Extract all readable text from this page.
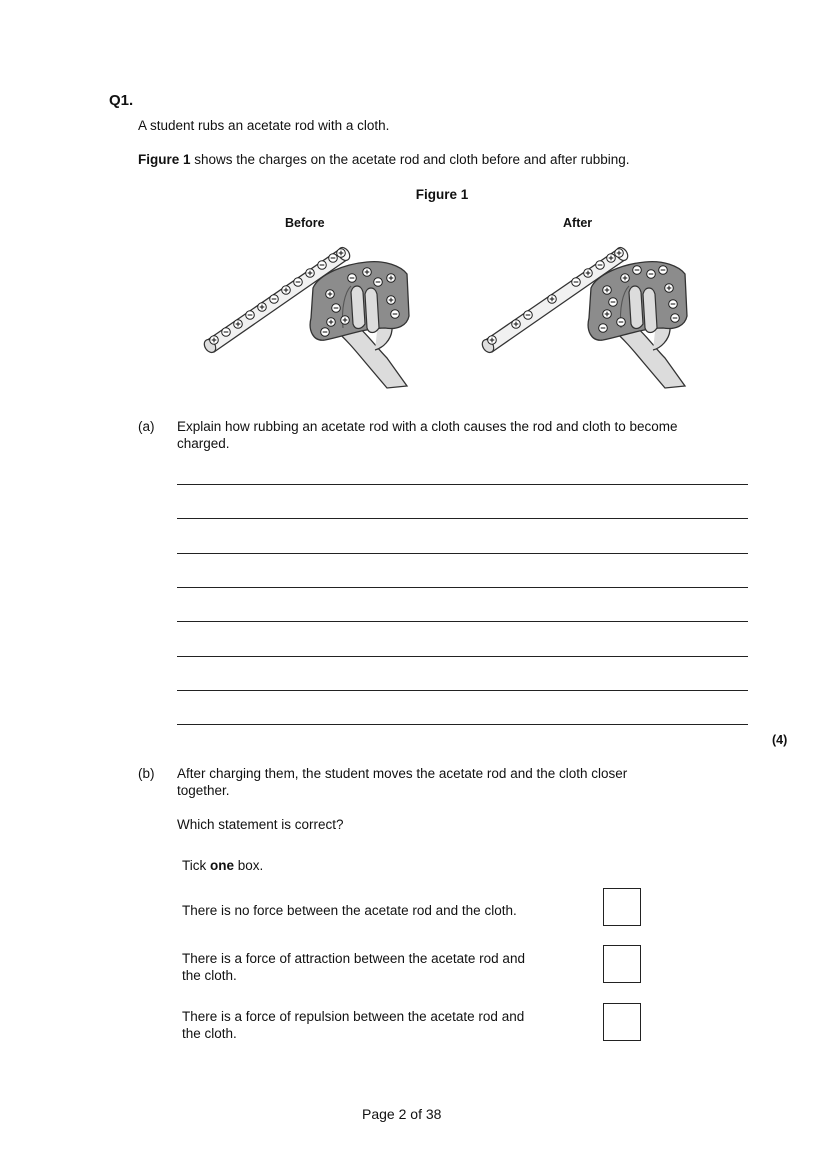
Q1.
A student rubs an acetate rod with a cloth.
Figure 1 shows the charges on the acetate rod and cloth before and after rubbing.
Figure 1
Before	After
(a) Explain how rubbing an acetate rod with a cloth causes the rod and cloth to become
charged.
(4)
(b) After charging them, the student moves the acetate rod and the cloth closer
together.
Which statement is correct?
Tick one box.
There is no force between the acetate rod and the cloth.
There is a force of attraction between the acetate rod and
the cloth.
There is a force of repulsion between the acetate rod and
the cloth.
Page 2 of 38
